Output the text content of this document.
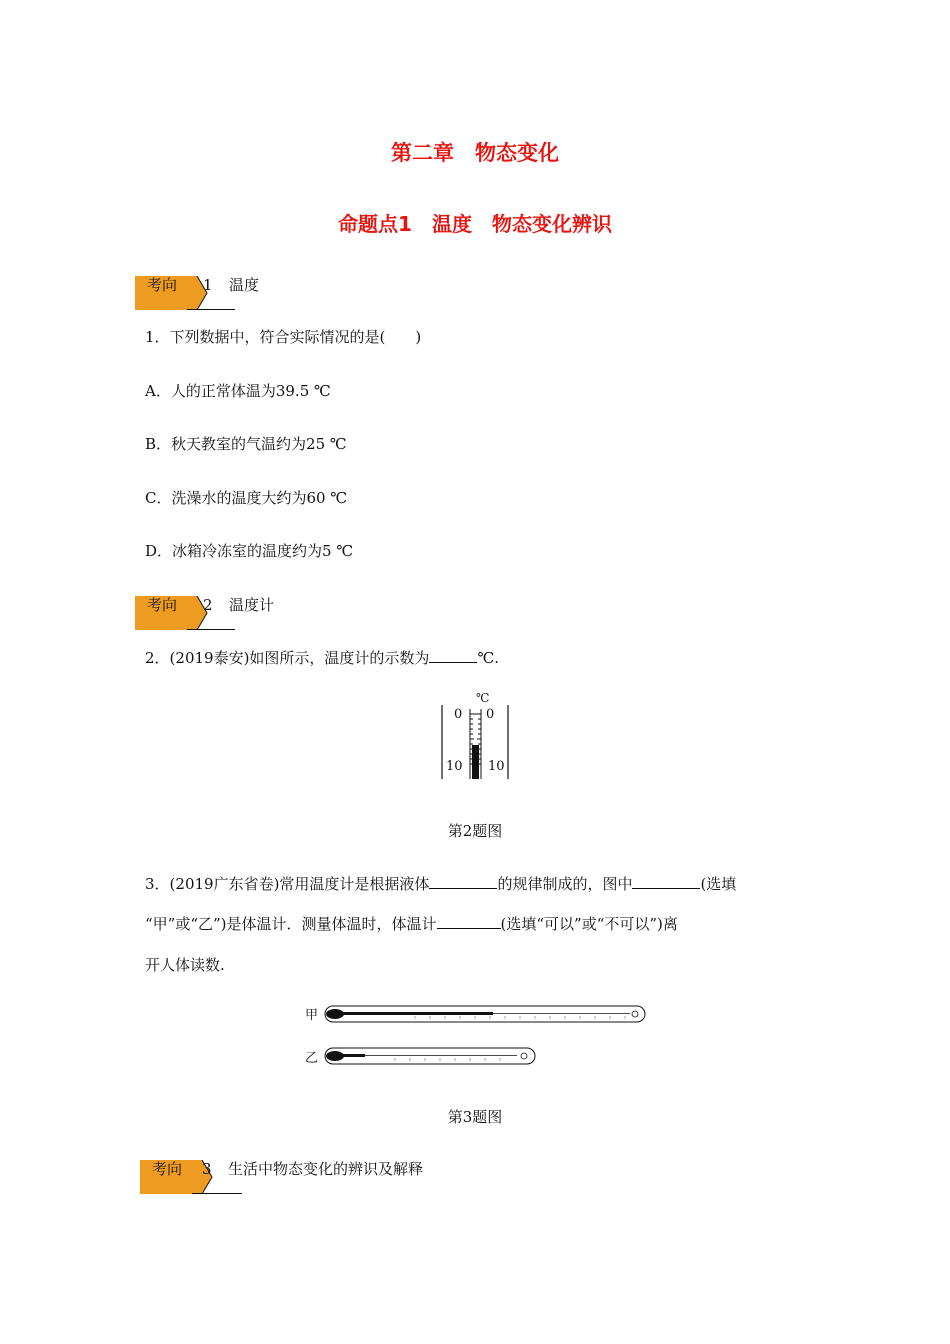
第二章　物态变化
命题点1　温度　物态变化辨识
考向 1 温度
1．下列数据中，符合实际情况的是(　　)
A．人的正常体温为39.5 ℃
B．秋天教室的气温约为25 ℃
C．洗澡水的温度大约为60 ℃
D．冰箱冷冻室的温度约为5 ℃
考向 2 温度计
2．(2019泰安)如图所示，温度计的示数为	℃.
℃
0 0
10 10
第2题图
3．(2019广东省卷)常用温度计是根据液体	的规律制成的，图中	(选填
“甲”或“乙”)是体温计．测量体温时，体温计	(选填“可以”或“不可以”)离
开人体读数.
甲
乙
第3题图
考向 3 生活中物态变化的辨识及解释
